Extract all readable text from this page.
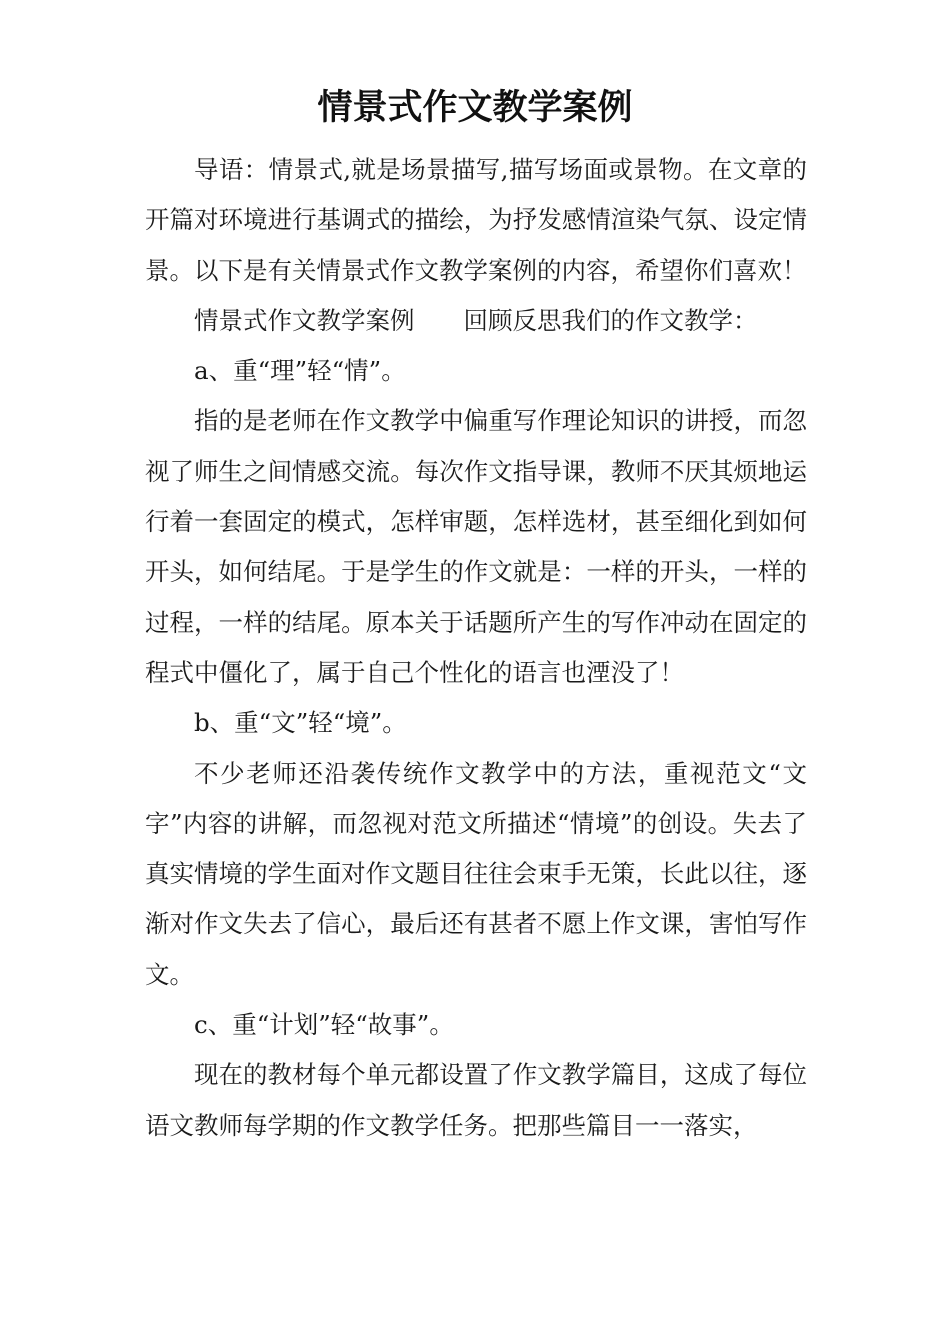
情景式作文教学案例

导语：情景式,就是场景描写,描写场面或景物。在文章的开篇对环境进行基调式的描绘，为抒发感情渲染气氛、设定情景。以下是有关情景式作文教学案例的内容，希望你们喜欢！

情景式作文教学案例　　回顾反思我们的作文教学：

a、重“理”轻“情”。

指的是老师在作文教学中偏重写作理论知识的讲授，而忽视了师生之间情感交流。每次作文指导课，教师不厌其烦地运行着一套固定的模式，怎样审题，怎样选材，甚至细化到如何开头，如何结尾。于是学生的作文就是：一样的开头，一样的过程，一样的结尾。原本关于话题所产生的写作冲动在固定的程式中僵化了，属于自己个性化的语言也湮没了！

b、重“文”轻“境”。

不少老师还沿袭传统作文教学中的方法，重视范文“文字”内容的讲解，而忽视对范文所描述“情境”的创设。失去了真实情境的学生面对作文题目往往会束手无策，长此以往，逐渐对作文失去了信心，最后还有甚者不愿上作文课，害怕写作文。

c、重“计划”轻“故事”。

现在的教材每个单元都设置了作文教学篇目，这成了每位语文教师每学期的作文教学任务。把那些篇目一一落实，
